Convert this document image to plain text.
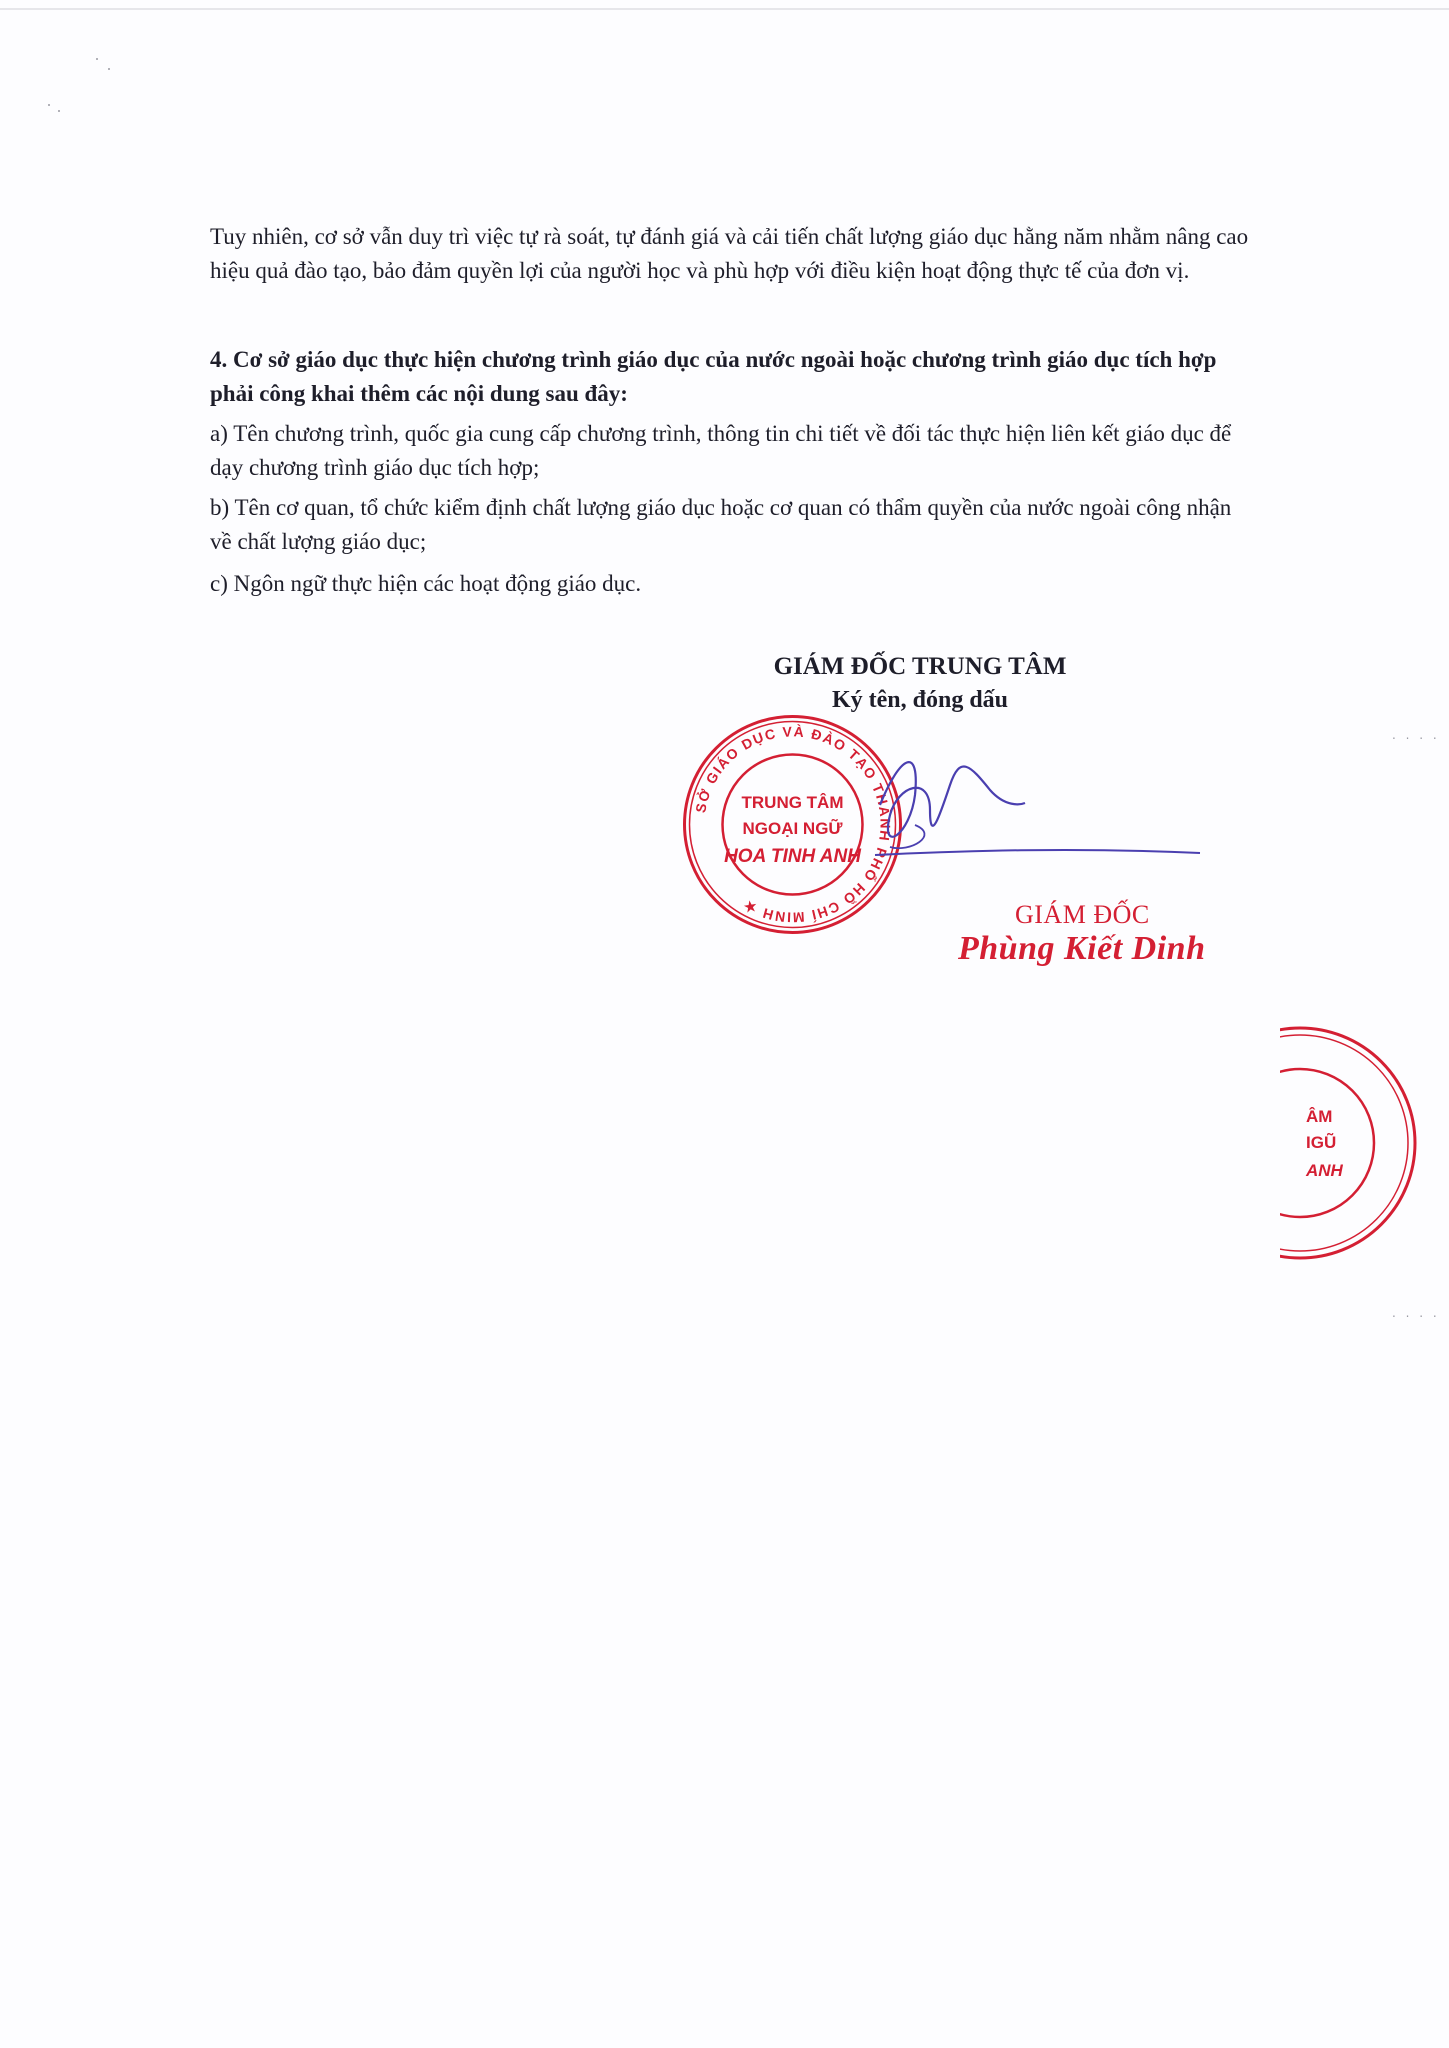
. . . .
. . . .

Tuy nhiên, cơ sở vẫn duy trì việc tự rà soát, tự đánh giá và cải tiến chất lượng giáo dục hằng năm nhằm nâng cao hiệu quả đào tạo, bảo đảm quyền lợi của người học và phù hợp với điều kiện hoạt động thực tế của đơn vị.

4. Cơ sở giáo dục thực hiện chương trình giáo dục của nước ngoài hoặc chương trình giáo dục tích hợp phải công khai thêm các nội dung sau đây:

a) Tên chương trình, quốc gia cung cấp chương trình, thông tin chi tiết về đối tác thực hiện liên kết giáo dục để dạy chương trình giáo dục tích hợp;

b) Tên cơ quan, tổ chức kiểm định chất lượng giáo dục hoặc cơ quan có thẩm quyền của nước ngoài công nhận về chất lượng giáo dục;

c) Ngôn ngữ thực hiện các hoạt động giáo dục.

GIÁM ĐỐC TRUNG TÂM

Ký tên, đóng dấu

SỞ GIÁO DỤC VÀ ĐÀO TẠO THÀNH PHỐ HỒ CHÍ MINH ★
TRUNG TÂM
NGOẠI NGỮ
HOA TINH ANH

GIÁM ĐỐC

Phùng Kiết Dinh

ÂM
IGŨ
ANH
